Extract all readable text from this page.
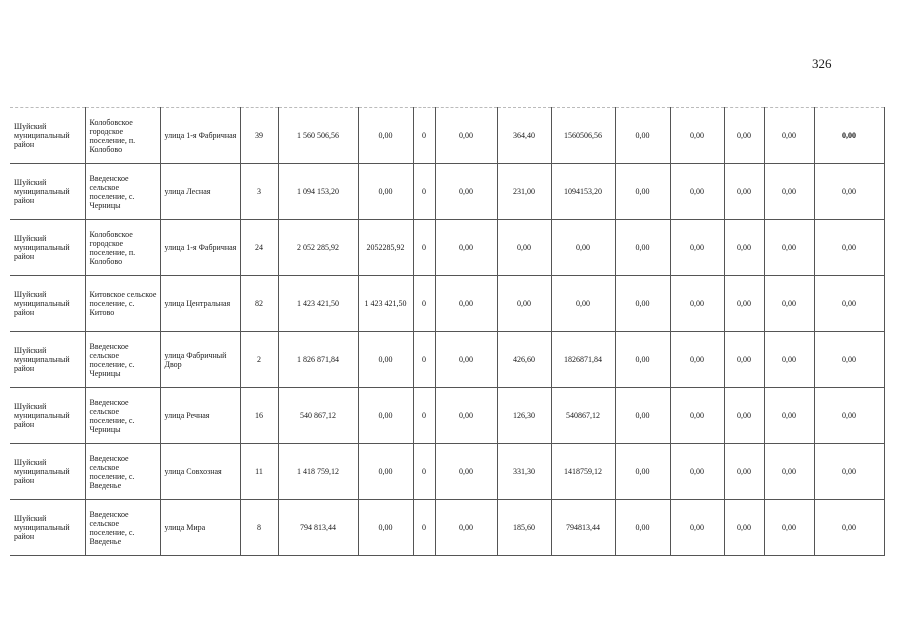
326
Шуйский муниципальный район	Колобовское городское поселение, п. Колобово	улица 1-я Фабричная	39	1 560 506,56	0,00	0	0,00	364,40	1560506,56	0,00	0,00	0,00	0,00	0,00	
Шуйский муниципальный район	Введенское сельское поселение, с. Черницы	улица Лесная	3	1 094 153,20	0,00	0	0,00	231,00	1094153,20	0,00	0,00	0,00	0,00	0,00	
Шуйский муниципальный район	Колобовское городское поселение, п. Колобово	улица 1-я Фабричная	24	2 052 285,92	2052285,92	0	0,00	0,00	0,00	0,00	0,00	0,00	0,00	0,00	
Шуйский муниципальный район	Китовское сельское поселение, с. Китово	улица Центральная	82	1 423 421,50	1 423 421,50	0	0,00	0,00	0,00	0,00	0,00	0,00	0,00	0,00	
Шуйский муниципальный район	Введенское сельское поселение, с. Черницы	улица Фабричный Двор	2	1 826 871,84	0,00	0	0,00	426,60	1826871,84	0,00	0,00	0,00	0,00	0,00	
Шуйский муниципальный район	Введенское сельское поселение, с. Черницы	улица Речная	16	540 867,12	0,00	0	0,00	126,30	540867,12	0,00	0,00	0,00	0,00	0,00	
Шуйский муниципальный район	Введенское сельское поселение, с. Введенье	улица Совхозная	11	1 418 759,12	0,00	0	0,00	331,30	1418759,12	0,00	0,00	0,00	0,00	0,00	
Шуйский муниципальный район	Введенское сельское поселение, с. Введенье	улица Мира	8	794 813,44	0,00	0	0,00	185,60	794813,44	0,00	0,00	0,00	0,00	0,00	
